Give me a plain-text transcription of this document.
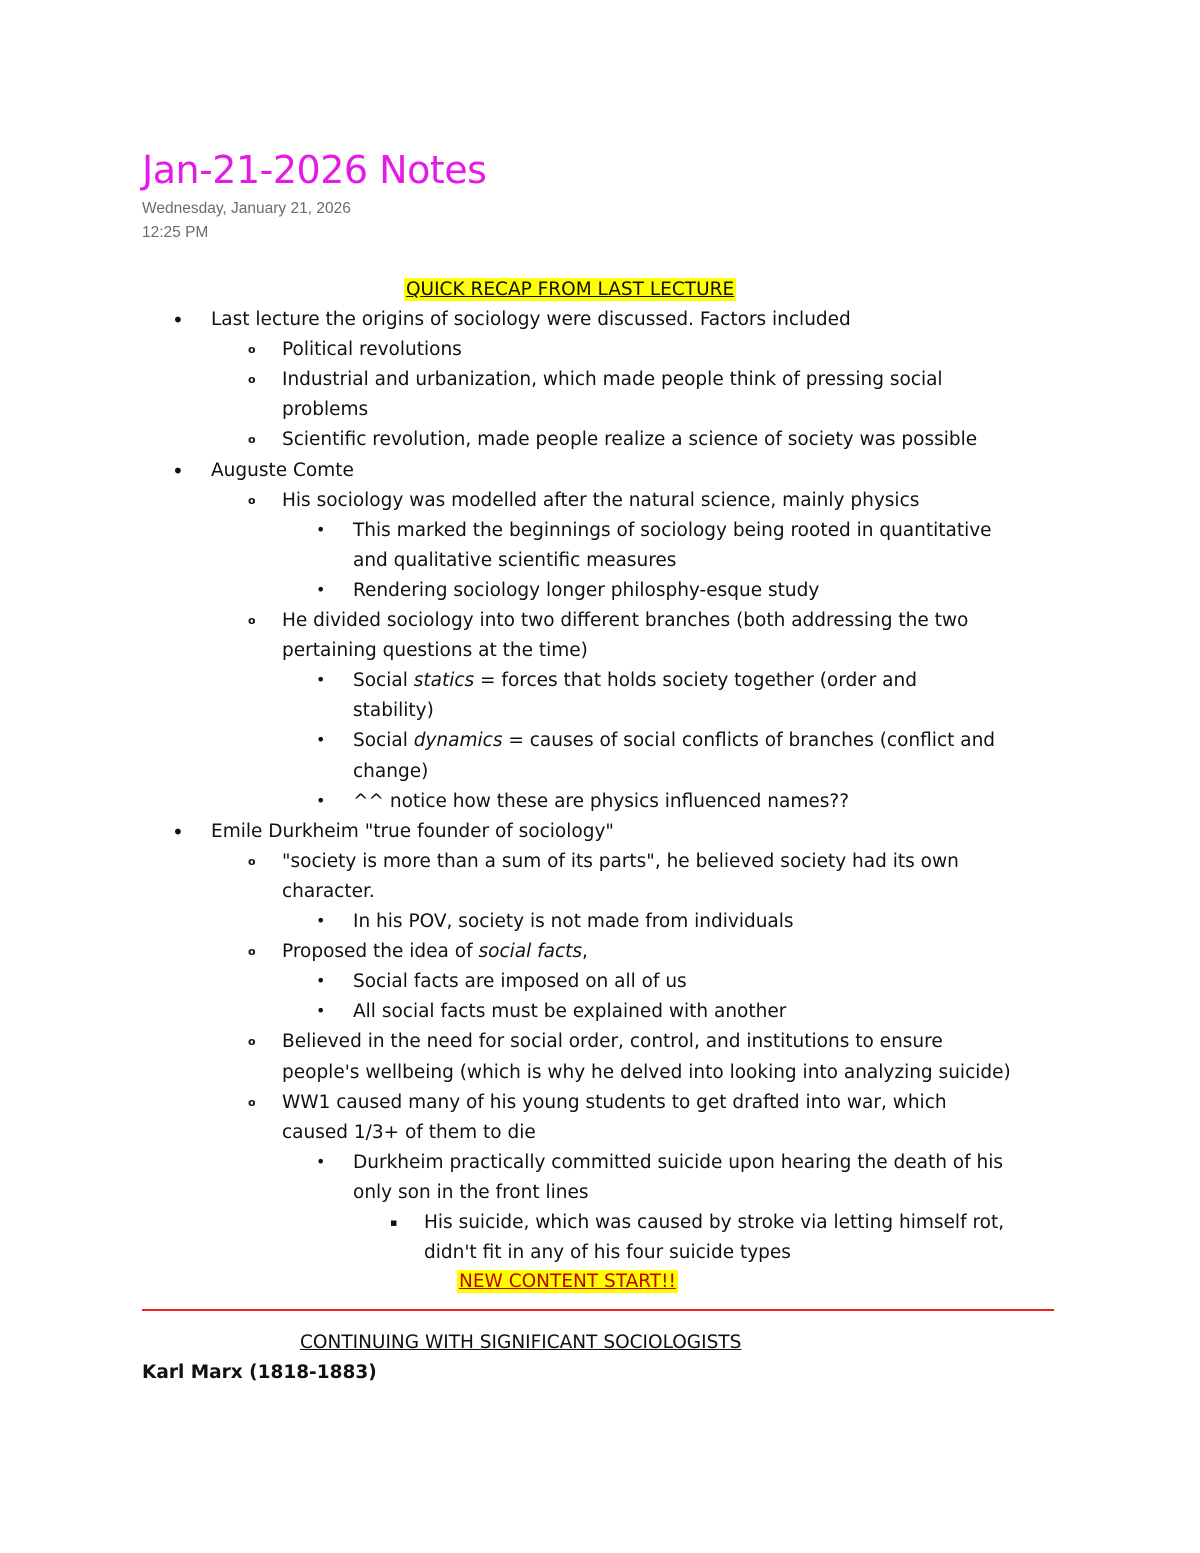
Jan-21-2026 Notes
Wednesday, January 21, 2026
12:25 PM
QUICK RECAP FROM LAST LECTURE
• Last lecture the origins of sociology were discussed. Factors included
o Political revolutions
o Industrial and urbanization, which made people think of pressing social
problems
o Scientific revolution, made people realize a science of society was possible
• Auguste Comte
o His sociology was modelled after the natural science, mainly physics
• This marked the beginnings of sociology being rooted in quantitative
and qualitative scientific measures
• Rendering sociology longer philosphy-esque study
o He divided sociology into two different branches (both addressing the two
pertaining questions at the time)
• Social statics = forces that holds society together (order and
stability)
• Social dynamics = causes of social conflicts of branches (conflict and
change)
• ^^ notice how these are physics influenced names??
• Emile Durkheim "true founder of sociology"
o "society is more than a sum of its parts", he believed society had its own
character.
• In his POV, society is not made from individuals
o Proposed the idea of social facts,
• Social facts are imposed on all of us
• All social facts must be explained with another
o Believed in the need for social order, control, and institutions to ensure
people's wellbeing (which is why he delved into looking into analyzing suicide)
o WW1 caused many of his young students to get drafted into war, which
caused 1/3+ of them to die
• Durkheim practically committed suicide upon hearing the death of his
only son in the front lines
▪ His suicide, which was caused by stroke via letting himself rot,
didn't fit in any of his four suicide types
NEW CONTENT START!!
CONTINUING WITH SIGNIFICANT SOCIOLOGISTS
Karl Marx (1818-1883)
